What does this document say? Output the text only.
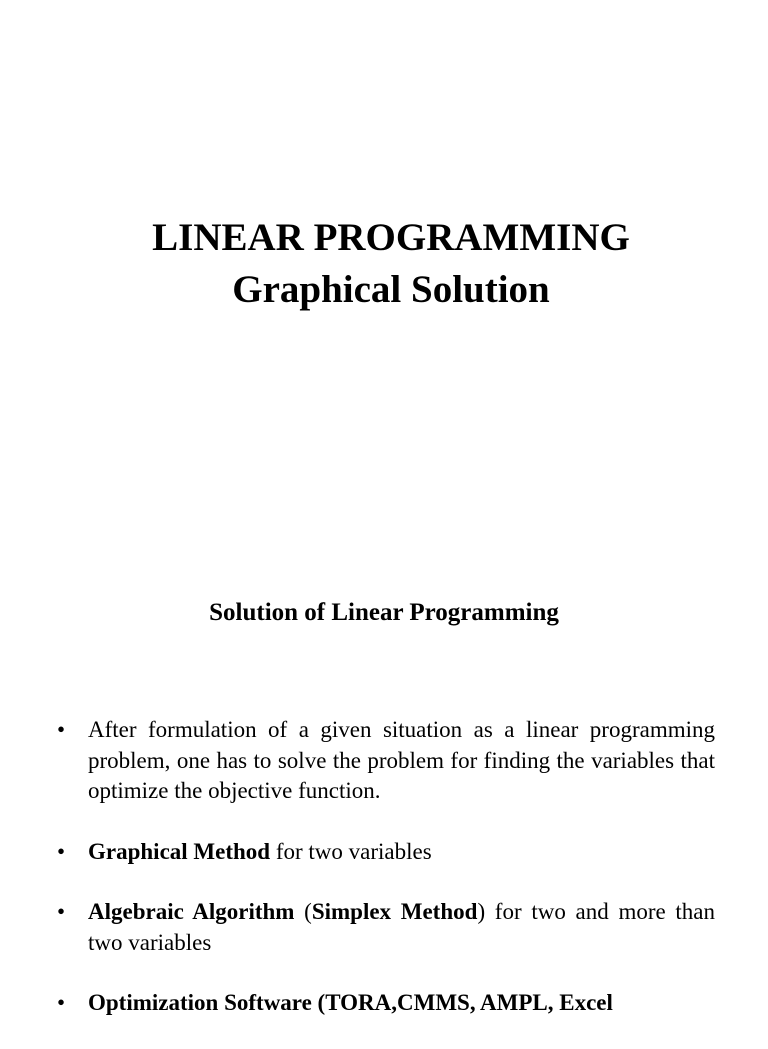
LINEAR PROGRAMMING
Graphical Solution
Solution of Linear Programming
• After formulation of a given situation as a linear programming problem, one has to solve the problem for finding the variables that optimize the objective function.
• Graphical Method for two variables
• Algebraic Algorithm (Simplex Method) for two and more than two variables
• Optimization Software (TORA,CMMS, AMPL, Excel
